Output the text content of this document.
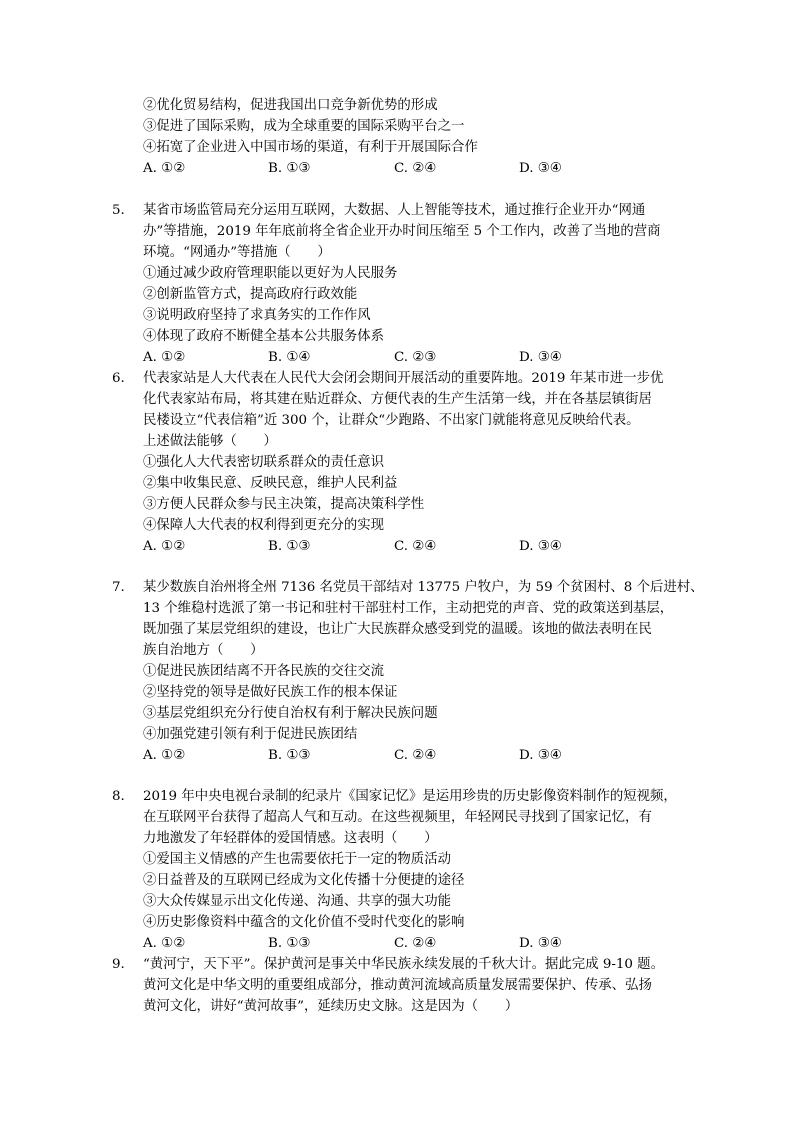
②优化贸易结构，促进我国出口竞争新优势的形成
③促进了国际采购，成为全球重要的国际采购平台之一
④拓宽了企业进入中国市场的渠道，有利于开展国际合作
A. ①②	B. ①③	C. ②④	D. ③④
5. 某省市场监管局充分运用互联网，大数据、人上智能等技术，通过推行企业开办“网通
办”等措施，2019 年年底前将全省企业开办时间压缩至 5 个工作内，改善了当地的营商
环境。“网通办”等措施（　　）
①通过减少政府管理职能以更好为人民服务
②创新监管方式，提高政府行政效能
③说明政府坚持了求真务实的工作作风
④体现了政府不断健全基本公共服务体系
A. ①②	B. ①④	C. ②③	D. ③④
6. 代表家站是人大代表在人民代大会闭会期间开展活动的重要阵地。2019 年某市进一步优
化代表家站布局，将其建在贴近群众、方便代表的生产生活第一线，并在各基层镇街居
民楼设立“代表信箱”近 300 个，让群众“少跑路、不出家门就能将意见反映给代表。
上述做法能够（　　）
①强化人大代表密切联系群众的责任意识
②集中收集民意、反映民意，维护人民利益
③方便人民群众参与民主决策，提高决策科学性
④保障人大代表的权利得到更充分的实现
A. ①②	B. ①③	C. ②④	D. ③④
7. 某少数族自治州将全州 7136 名党员干部结对 13775 户牧户，为 59 个贫困村、8 个后进村、
13 个维稳村选派了第一书记和驻村干部驻村工作，主动把党的声音、党的政策送到基层，
既加强了某层党组织的建设，也让广大民族群众感受到党的温暖。该地的做法表明在民
族自治地方（　　）
①促进民族团结离不开各民族的交往交流
②坚持党的领导是做好民族工作的根本保证
③基层党组织充分行使自治权有利于解决民族问题
④加强党建引领有利于促进民族团结
A. ①②	B. ①③	C. ②④	D. ③④
8. 2019 年中央电视台录制的纪录片《国家记忆》是运用珍贵的历史影像资料制作的短视频，
在互联网平台获得了超高人气和互动。在这些视频里，年轻网民寻找到了国家记忆，有
力地激发了年轻群体的爱国情感。这表明（　　）
①爱国主义情感的产生也需要依托于一定的物质活动
②日益普及的互联网已经成为文化传播十分便捷的途径
③大众传媒显示出文化传递、沟通、共享的强大功能
④历史影像资料中蕴含的文化价值不受时代变化的影响
A. ①②	B. ①③	C. ②④	D. ③④
9. “黄河宁，天下平”。保护黄河是事关中华民族永续发展的千秋大计。据此完成 9-10 题。
黄河文化是中华文明的重要组成部分，推动黄河流域高质量发展需要保护、传承、弘扬
黄河文化，讲好“黄河故事”，延续历史文脉。这是因为（　　）
